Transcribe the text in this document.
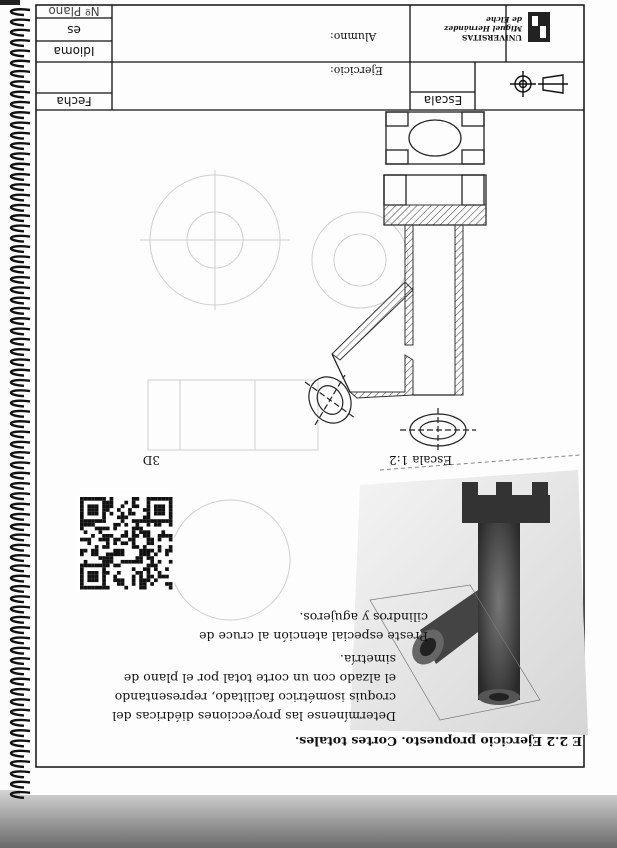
Fecha
Idioma
es
Nº Plano
Escala
Ejercicio:
Alumno:	UNIVERSITAS
Miguel Hernández
de Elche
Escala 1:2
3D
Preste especial atención al cruce de
cilindros y agujeros.
Determínense las proyecciones diédricas del
croquis isométrico facilitado, representando
el alzado con un corte total por el plano de
simetría.
E 2.2 Ejercicio propuesto. Cortes totales.
